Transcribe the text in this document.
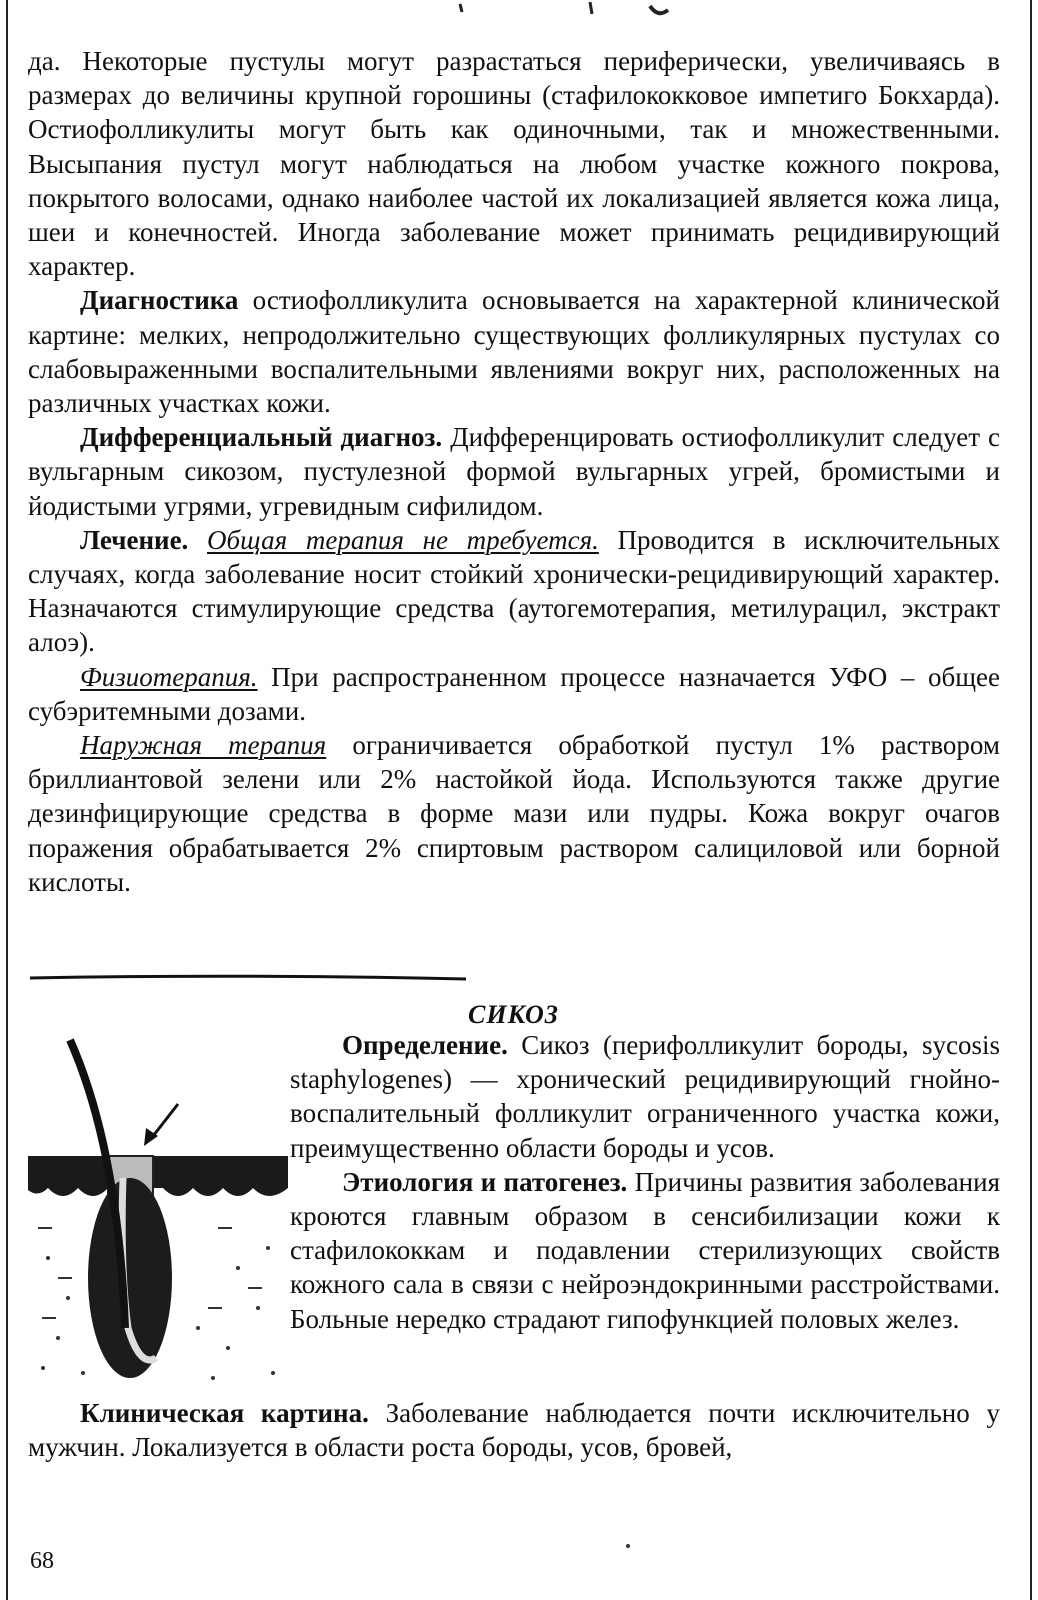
да. Некоторые пустулы могут разрастаться периферически, увеличиваясь в размерах до величины крупной горошины (стафилококковое импетиго Бокхарда). Остиофолликулиты могут быть как одиночными, так и множественными. Высыпания пустул могут наблюдаться на любом участке кожного покрова, покрытого волосами, однако наиболее частой их локализацией является кожа лица, шеи и конечностей. Иногда заболевание может принимать рецидивирующий характер.

Диагностика остиофолликулита основывается на характерной клинической картине: мелких, непродолжительно существующих фолликулярных пустулах со слабовыраженными воспалительными явлениями вокруг них, расположенных на различных участках кожи.

Дифференциальный диагноз. Дифференцировать остиофолликулит следует с вульгарным сикозом, пустулезной формой вульгарных угрей, бромистыми и йодистыми угрями, угревидным сифилидом.

Лечение. Общая терапия не требуется. Проводится в исключительных случаях, когда заболевание носит стойкий хронически-рецидивирующий характер. Назначаются стимулирующие средства (аутогемотерапия, метилурацил, экстракт алоэ).

Физиотерапия. При распространенном процессе назначается УФО – общее субэритемными дозами.

Наружная терапия ограничивается обработкой пустул 1% раствором бриллиантовой зелени или 2% настойкой йода. Используются также другие дезинфицирующие средства в форме мази или пудры. Кожа вокруг очагов поражения обрабатывается 2% спиртовым раствором салициловой или борной кислоты.

СИКОЗ

Определение. Сикоз (перифолликулит бороды, sycosis staphylogenes) — хронический рецидивирующий гнойно-воспалительный фолликулит ограниченного участка кожи, преимущественно области бороды и усов.

Этиология и патогенез. Причины развития заболевания кроются главным образом в сенсибилизации кожи к стафилококкам и подавлении стерилизующих свойств кожного сала в связи с нейроэндокринными расстройствами. Больные нередко страдают гипофункцией половых желез.

Клиническая картина. Заболевание наблюдается почти исключительно у мужчин. Локализуется в области роста бороды, усов, бровей,

68
